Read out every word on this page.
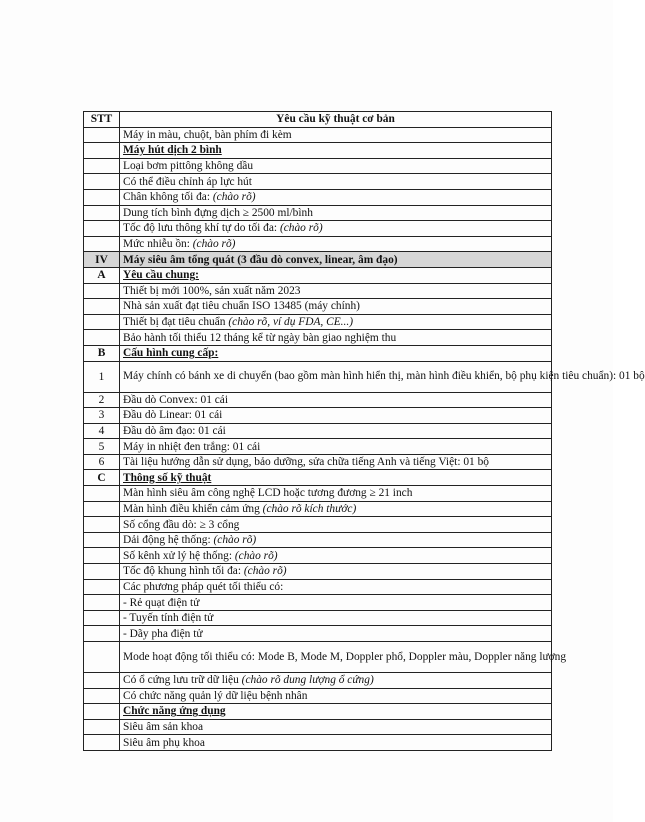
STT	Yêu cầu kỹ thuật cơ bản
	Máy in màu, chuột, bàn phím đi kèm
	Máy hút dịch 2 bình
	Loại bơm pittông không dầu
	Có thể điều chỉnh áp lực hút
	Chân không tối đa: (chào rõ)
	Dung tích bình đựng dịch ≥ 2500 ml/bình
	Tốc độ lưu thông khí tự do tối đa: (chào rõ)
	Mức nhiễu ồn: (chào rõ)
IV	Máy siêu âm tổng quát (3 đầu dò convex, linear, âm đạo)
A	Yêu cầu chung:
	Thiết bị mới 100%, sản xuất năm 2023
	Nhà sản xuất đạt tiêu chuẩn ISO 13485 (máy chính)
	Thiết bị đạt tiêu chuẩn (chào rõ, ví dụ FDA, CE...)
	Bảo hành tối thiểu 12 tháng kể từ ngày bàn giao nghiệm thu
B	Cấu hình cung cấp:
1	Máy chính có bánh xe di chuyển (bao gồm màn hình hiển thị, màn hình điều khiển, bộ phụ kiện tiêu chuẩn): 01 bộ
2	Đầu dò Convex: 01 cái
3	Đầu dò Linear: 01 cái
4	Đầu dò âm đạo: 01 cái
5	Máy in nhiệt đen trắng: 01 cái
6	Tài liệu hướng dẫn sử dụng, bảo dưỡng, sửa chữa tiếng Anh và tiếng Việt: 01 bộ
C	Thông số kỹ thuật
	Màn hình siêu âm công nghệ LCD hoặc tương đương ≥ 21 inch
	Màn hình điều khiển cảm ứng (chào rõ kích thước)
	Số cổng đầu dò: ≥ 3 cổng
	Dải động hệ thống: (chào rõ)
	Số kênh xử lý hệ thống: (chào rõ)
	Tốc độ khung hình tối đa: (chào rõ)
	Các phương pháp quét tối thiểu có:
	- Rẻ quạt điện tử
	- Tuyến tính điện tử
	- Dãy pha điện tử
	Mode hoạt động tối thiểu có: Mode B, Mode M, Doppler phổ, Doppler màu, Doppler năng lượng
	Có ổ cứng lưu trữ dữ liệu (chào rõ dung lượng ổ cứng)
	Có chức năng quản lý dữ liệu bệnh nhân
	Chức năng ứng dụng
	Siêu âm sản khoa
	Siêu âm phụ khoa
